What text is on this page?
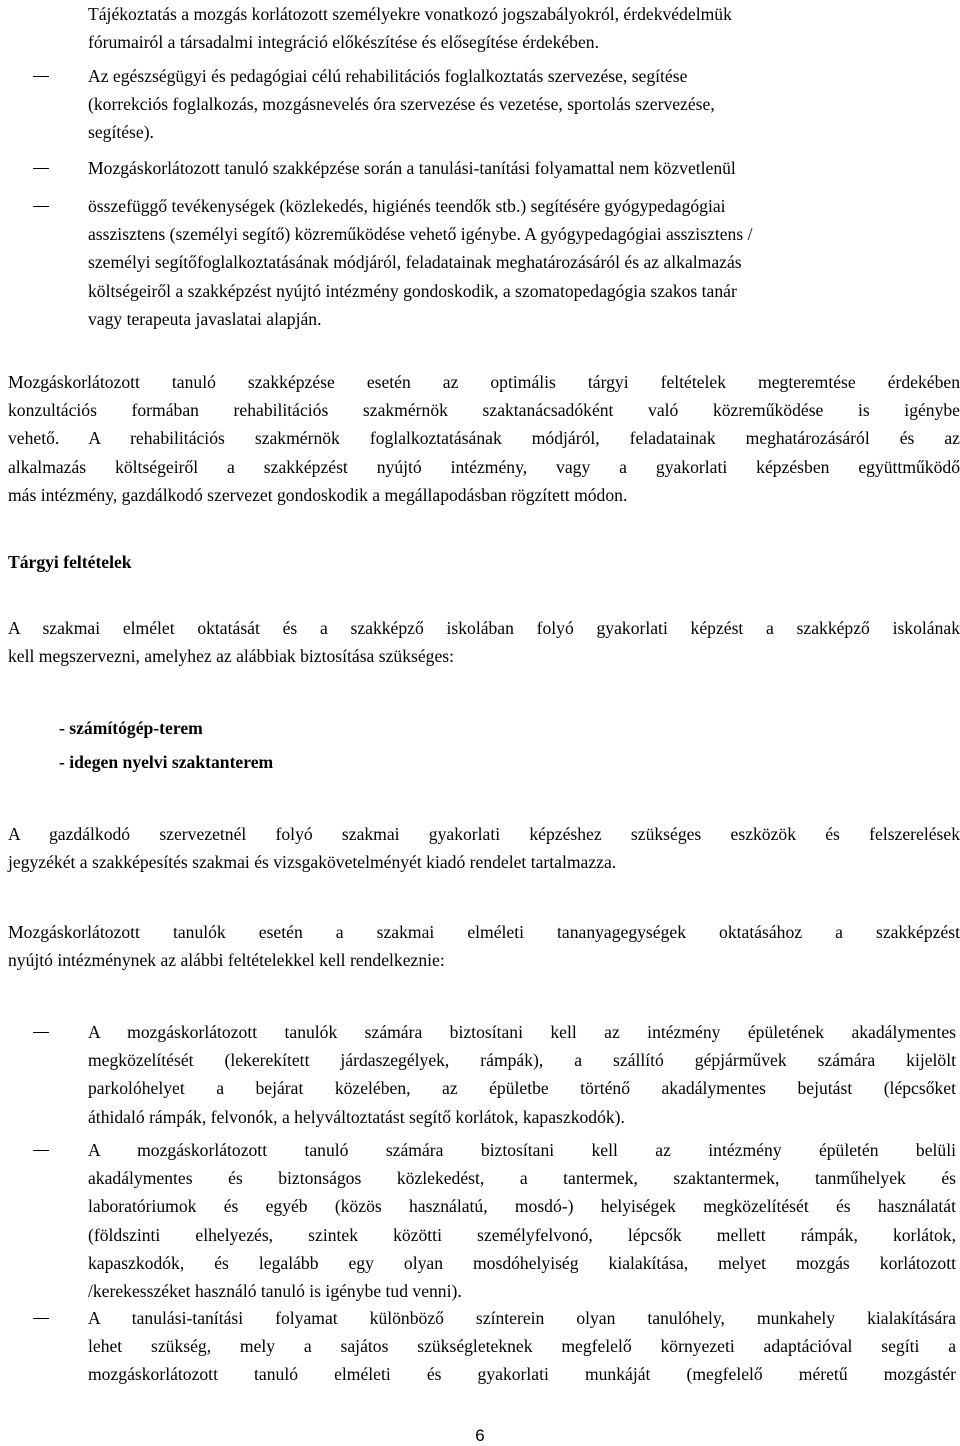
Tájékoztatás a mozgás korlátozott személyekre vonatkozó jogszabályokról, érdekvédelmük
fórumairól a társadalmi integráció előkészítése és elősegítése érdekében.
Az egészségügyi és pedagógiai célú rehabilitációs foglalkoztatás szervezése, segítése
(korrekciós foglalkozás, mozgásnevelés óra szervezése és vezetése, sportolás szervezése,
segítése).
Mozgáskorlátozott tanuló szakképzése során a tanulási-tanítási folyamattal nem közvetlenül
összefüggő tevékenységek (közlekedés, higiénés teendők stb.) segítésére gyógypedagógiai
asszisztens (személyi segítő) közreműködése vehető igénybe. A gyógypedagógiai asszisztens /
személyi segítőfoglalkoztatásának módjáról, feladatainak meghatározásáról és az alkalmazás
költségeiről a szakképzést nyújtó intézmény gondoskodik, a szomatopedagógia szakos tanár
vagy terapeuta javaslatai alapján.
Mozgáskorlátozott tanuló szakképzése esetén az optimális tárgyi feltételek megteremtése érdekében
konzultációs formában rehabilitációs szakmérnök szaktanácsadóként való közreműködése is igénybe
vehető. A rehabilitációs szakmérnök foglalkoztatásának módjáról, feladatainak meghatározásáról és az
alkalmazás költségeiről a szakképzést nyújtó intézmény, vagy a gyakorlati képzésben együttműködő
más intézmény, gazdálkodó szervezet gondoskodik a megállapodásban rögzített módon.
Tárgyi feltételek
A szakmai elmélet oktatását és a szakképző iskolában folyó gyakorlati képzést a szakképző iskolának
kell megszervezni, amelyhez az alábbiak biztosítása szükséges:
- számítógép-terem
- idegen nyelvi szaktanterem
A gazdálkodó szervezetnél folyó szakmai gyakorlati képzéshez szükséges eszközök és felszerelések
jegyzékét a szakképesítés szakmai és vizsgakövetelményét kiadó rendelet tartalmazza.
Mozgáskorlátozott tanulók esetén a szakmai elméleti tananyagegységek oktatásához a szakképzést
nyújtó intézménynek az alábbi feltételekkel kell rendelkeznie:
A mozgáskorlátozott tanulók számára biztosítani kell az intézmény épületének akadálymentes
megközelítését (lekerekített járdaszegélyek, rámpák), a szállító gépjárművek számára kijelölt
parkolóhelyet a bejárat közelében, az épületbe történő akadálymentes bejutást (lépcsőket
áthidaló rámpák, felvonók, a helyváltoztatást segítő korlátok, kapaszkodók).
A mozgáskorlátozott tanuló számára biztosítani kell az intézmény épületén belüli
akadálymentes és biztonságos közlekedést, a tantermek, szaktantermek, tanműhelyek és
laboratóriumok és egyéb (közös használatú, mosdó-) helyiségek megközelítését és használatát
(földszinti elhelyezés, szintek közötti személyfelvonó, lépcsők mellett rámpák, korlátok,
kapaszkodók, és legalább egy olyan mosdóhelyiség kialakítása, melyet mozgás korlátozott
/kerekesszéket használó tanuló is igénybe tud venni).
A tanulási-tanítási folyamat különböző színterein olyan tanulóhely, munkahely kialakítására
lehet szükség, mely a sajátos szükségleteknek megfelelő környezeti adaptációval segíti a
mozgáskorlátozott tanuló elméleti és gyakorlati munkáját (megfelelő méretű mozgástér
6
